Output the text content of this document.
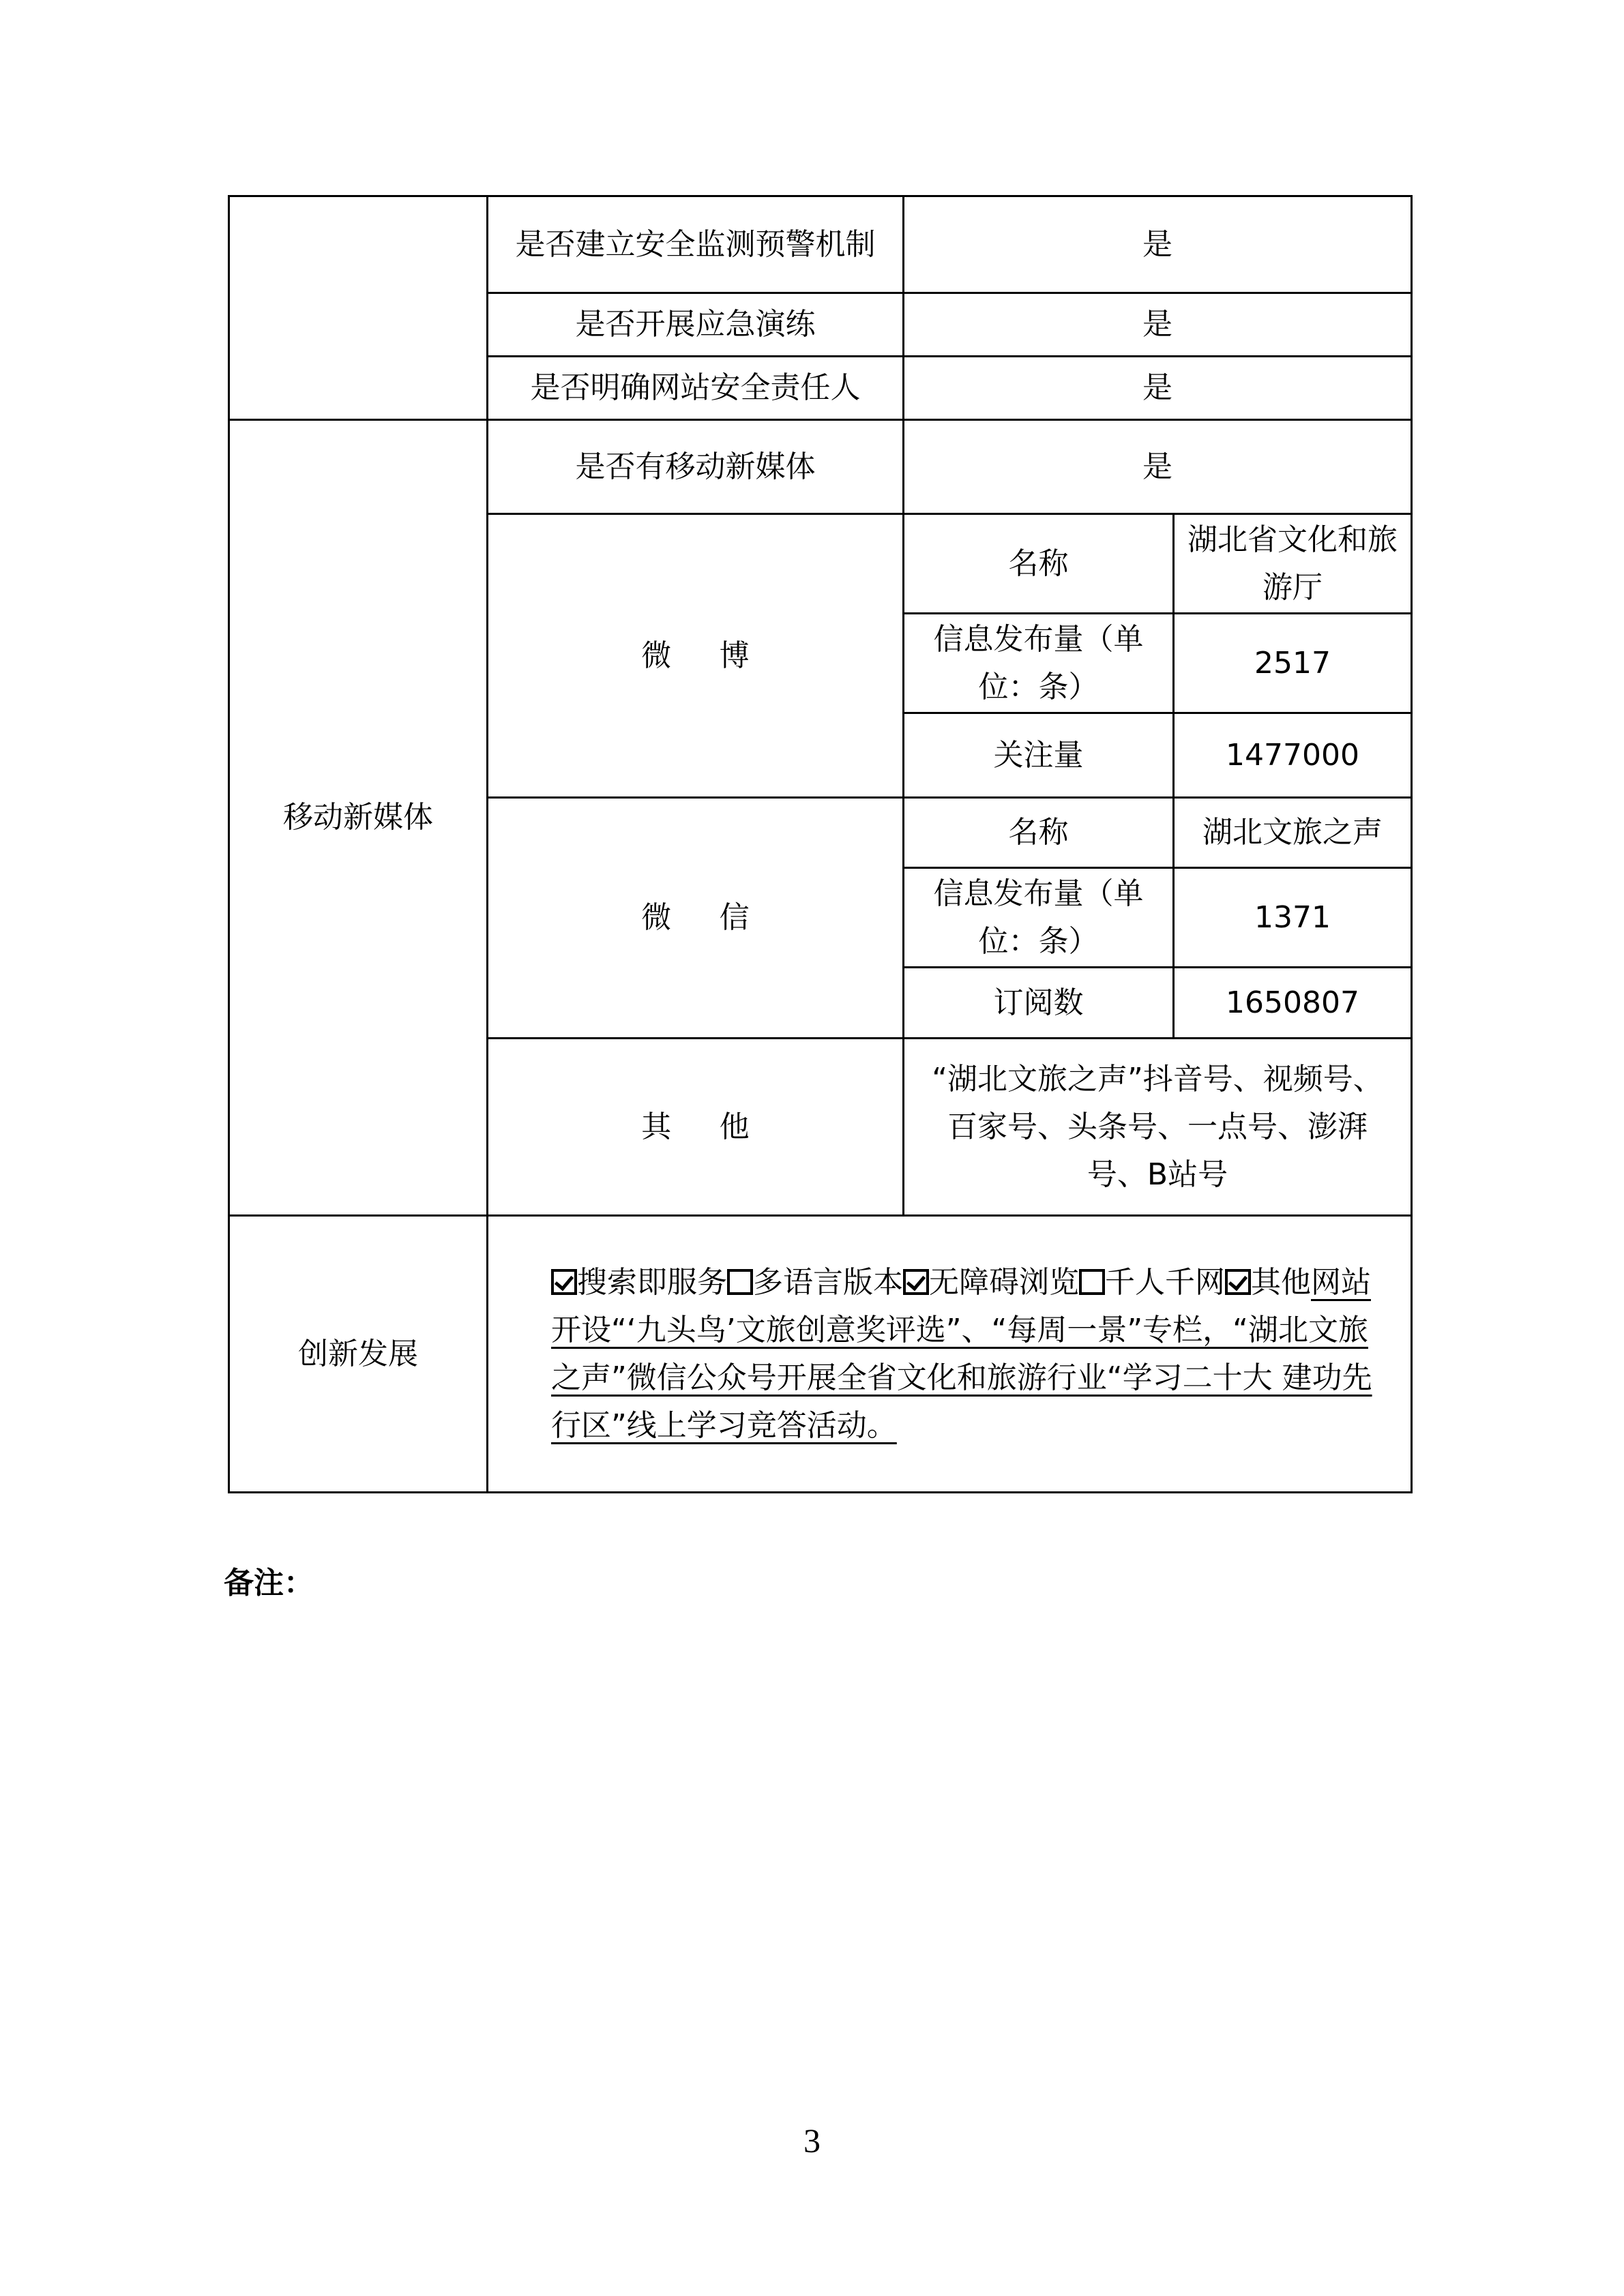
	是否建立安全监测预警机制	是	
	是否开展应急演练	是	
	是否明确网站安全责任人	是	
移动新媒体	是否有移动新媒体	是	
	微博	名称	湖北省文化和旅游厅
		信息发布量（单位：条）	2517
		关注量	1477000
	微信	名称	湖北文旅之声
		信息发布量（单位：条）	1371
		订阅数	1650807
	其他	“湖北文旅之声”抖音号、视频号、百家号、头条号、一点号、澎湃号、B站号	
创新发展	搜索即服务 多语言版本 无障碍浏览 千人千网 其他网站开设“‘九头鸟’文旅创意奖评选”、“每周一景”专栏，“湖北文旅之声”微信公众号开展全省文化和旅游行业“学习二十大 建功先行区”线上学习竞答活动。		
备注：
3
